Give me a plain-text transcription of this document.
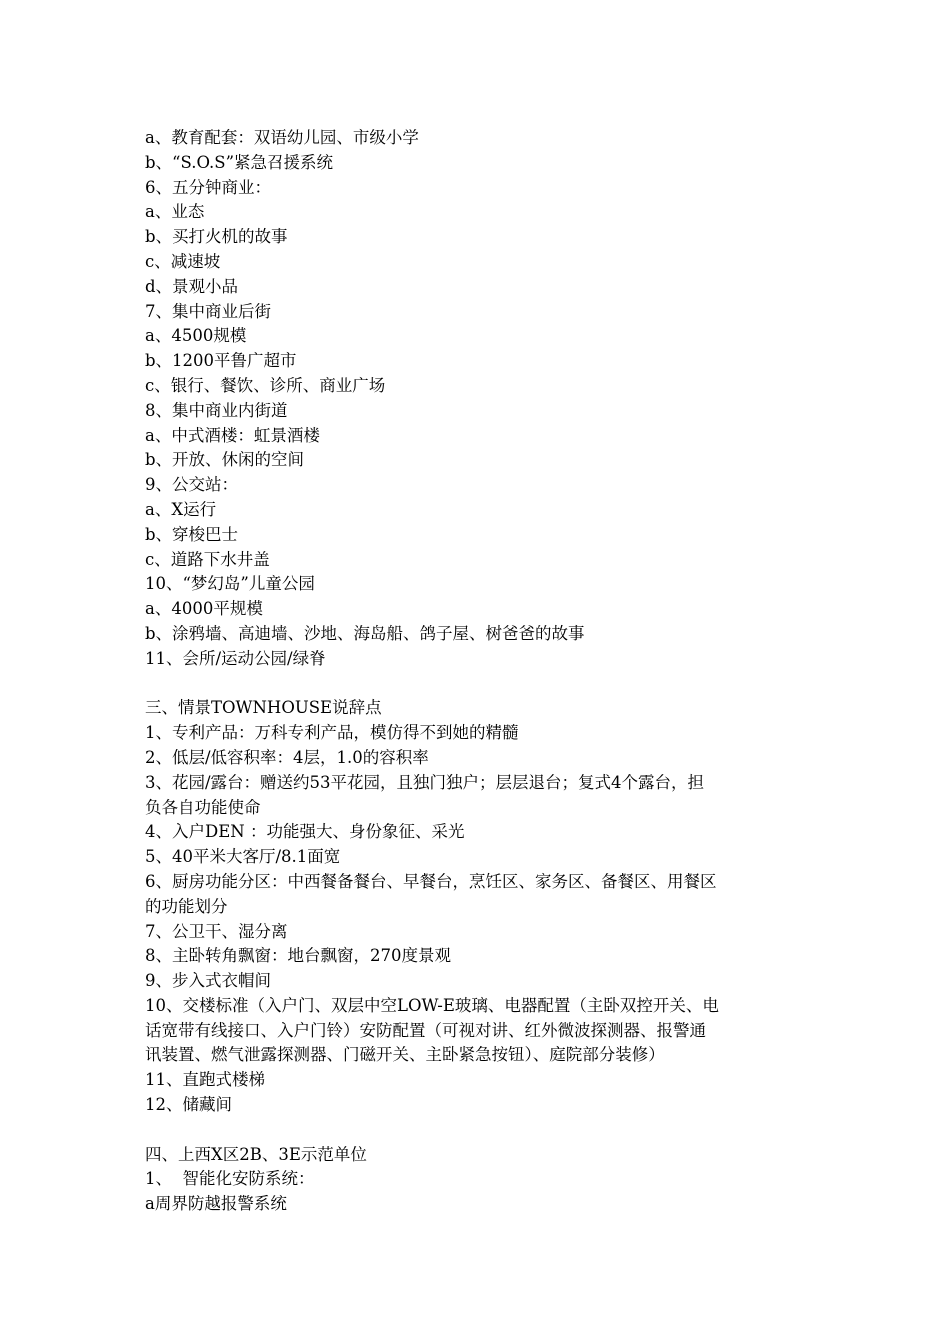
a、教育配套：双语幼儿园、市级小学
b、“S.O.S”紧急召援系统
6、五分钟商业：
a、业态
b、买打火机的故事
c、减速坡
d、景观小品
7、集中商业后街
a、4500规模
b、1200平鲁广超市
c、银行、餐饮、诊所、商业广场
8、集中商业内街道
a、中式酒楼：虹景酒楼
b、开放、休闲的空间
9、公交站：
a、X运行
b、穿梭巴士
c、道路下水井盖
10、“梦幻岛”儿童公园
a、4000平规模
b、涂鸦墙、高迪墙、沙地、海岛船、鸽子屋、树爸爸的故事
11、会所/运动公园/绿脊
三、情景TOWNHOUSE说辞点
1、专利产品：万科专利产品，模仿得不到她的精髓
2、低层/低容积率：4层，1.0的容积率
3、花园/露台：赠送约53平花园，且独门独户；层层退台；复式4个露台，担
负各自功能使命
4、入户DEN ：功能强大、身份象征、采光
5、40平米大客厅/8.1面宽
6、厨房功能分区：中西餐备餐台、早餐台，烹饪区、家务区、备餐区、用餐区
的功能划分
7、公卫干、湿分离
8、主卧转角飘窗：地台飘窗，270度景观
9、步入式衣帽间
10、交楼标准（入户门、双层中空LOW-E玻璃、电器配置（主卧双控开关、电
话宽带有线接口、入户门铃）安防配置（可视对讲、红外微波探测器、报警通
讯装置、燃气泄露探测器、门磁开关、主卧紧急按钮）、庭院部分装修）
11、直跑式楼梯
12、储藏间
四、上西X区2B、3E示范单位
1、  智能化安防系统：
a周界防越报警系统
